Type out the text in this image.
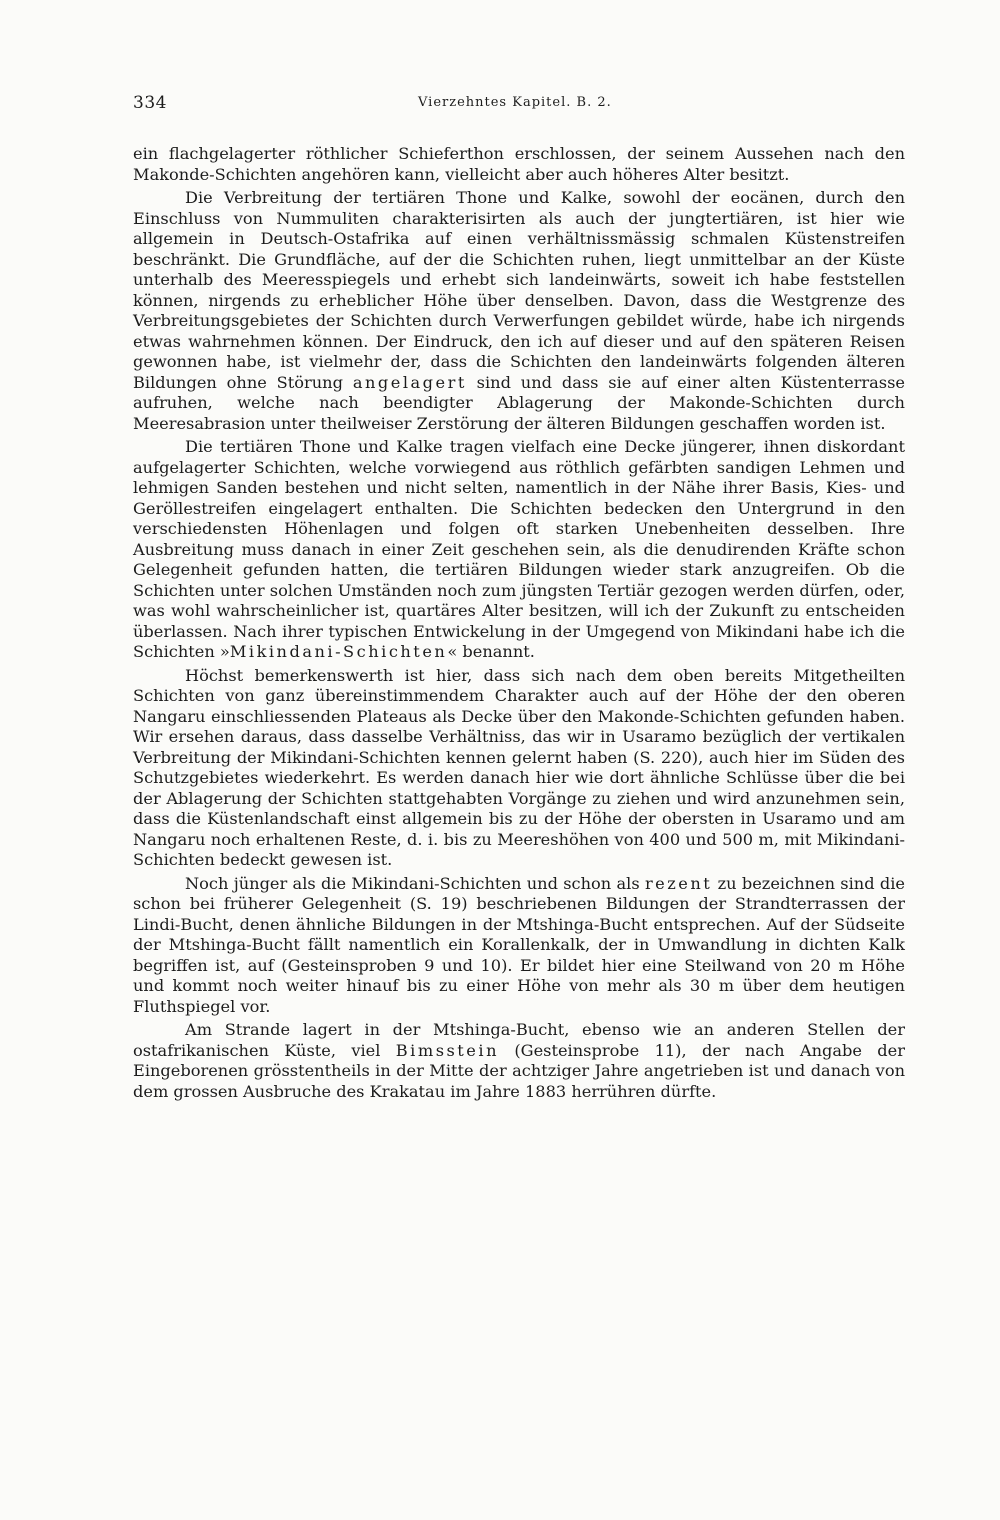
334	Vierzehntes Kapitel. B. 2.

ein flachgelagerter röthlicher Schieferthon erschlossen, der seinem Aussehen nach den Makonde-Schichten angehören kann, vielleicht aber auch höheres Alter besitzt.

Die Verbreitung der tertiären Thone und Kalke, sowohl der eocänen, durch den Einschluss von Nummuliten charakterisirten als auch der jungtertiären, ist hier wie allgemein in Deutsch-Ostafrika auf einen verhältnissmässig schmalen Küstenstreifen beschränkt. Die Grundfläche, auf der die Schichten ruhen, liegt unmittelbar an der Küste unterhalb des Meeresspiegels und erhebt sich landeinwärts, soweit ich habe feststellen können, nirgends zu erheblicher Höhe über denselben. Davon, dass die Westgrenze des Verbreitungsgebietes der Schichten durch Verwerfungen gebildet würde, habe ich nirgends etwas wahrnehmen können. Der Eindruck, den ich auf dieser und auf den späteren Reisen gewonnen habe, ist vielmehr der, dass die Schichten den landeinwärts folgenden älteren Bildungen ohne Störung angelagert sind und dass sie auf einer alten Küstenterrasse aufruhen, welche nach beendigter Ablagerung der Makonde-Schichten durch Meeresabrasion unter theilweiser Zerstörung der älteren Bildungen geschaffen worden ist.

Die tertiären Thone und Kalke tragen vielfach eine Decke jüngerer, ihnen diskordant aufgelagerter Schichten, welche vorwiegend aus röthlich gefärbten sandigen Lehmen und lehmigen Sanden bestehen und nicht selten, namentlich in der Nähe ihrer Basis, Kies- und Geröllestreifen eingelagert enthalten. Die Schichten bedecken den Untergrund in den verschiedensten Höhenlagen und folgen oft starken Unebenheiten desselben. Ihre Ausbreitung muss danach in einer Zeit geschehen sein, als die denudirenden Kräfte schon Gelegenheit gefunden hatten, die tertiären Bildungen wieder stark anzugreifen. Ob die Schichten unter solchen Umständen noch zum jüngsten Tertiär gezogen werden dürfen, oder, was wohl wahrscheinlicher ist, quartäres Alter besitzen, will ich der Zukunft zu entscheiden überlassen. Nach ihrer typischen Entwickelung in der Umgegend von Mikindani habe ich die Schichten »Mikindani-Schichten« benannt.

Höchst bemerkenswerth ist hier, dass sich nach dem oben bereits Mitgetheilten Schichten von ganz übereinstimmendem Charakter auch auf der Höhe der den oberen Nangaru einschliessenden Plateaus als Decke über den Makonde-Schichten gefunden haben. Wir ersehen daraus, dass dasselbe Verhältniss, das wir in Usaramo bezüglich der vertikalen Verbreitung der Mikindani-Schichten kennen gelernt haben (S. 220), auch hier im Süden des Schutzgebietes wiederkehrt. Es werden danach hier wie dort ähnliche Schlüsse über die bei der Ablagerung der Schichten stattgehabten Vorgänge zu ziehen und wird anzunehmen sein, dass die Küstenlandschaft einst allgemein bis zu der Höhe der obersten in Usaramo und am Nangaru noch erhaltenen Reste, d. i. bis zu Meereshöhen von 400 und 500 m, mit Mikindani-Schichten bedeckt gewesen ist.

Noch jünger als die Mikindani-Schichten und schon als rezent zu bezeichnen sind die schon bei früherer Gelegenheit (S. 19) beschriebenen Bildungen der Strandterrassen der Lindi-Bucht, denen ähnliche Bildungen in der Mtshinga-Bucht entsprechen. Auf der Südseite der Mtshinga-Bucht fällt namentlich ein Korallenkalk, der in Umwandlung in dichten Kalk begriffen ist, auf (Gesteinsproben 9 und 10). Er bildet hier eine Steilwand von 20 m Höhe und kommt noch weiter hinauf bis zu einer Höhe von mehr als 30 m über dem heutigen Fluthspiegel vor.

Am Strande lagert in der Mtshinga-Bucht, ebenso wie an anderen Stellen der ostafrikanischen Küste, viel Bimsstein (Gesteinsprobe 11), der nach Angabe der Eingeborenen grösstentheils in der Mitte der achtziger Jahre angetrieben ist und danach von dem grossen Ausbruche des Krakatau im Jahre 1883 herrühren dürfte.
